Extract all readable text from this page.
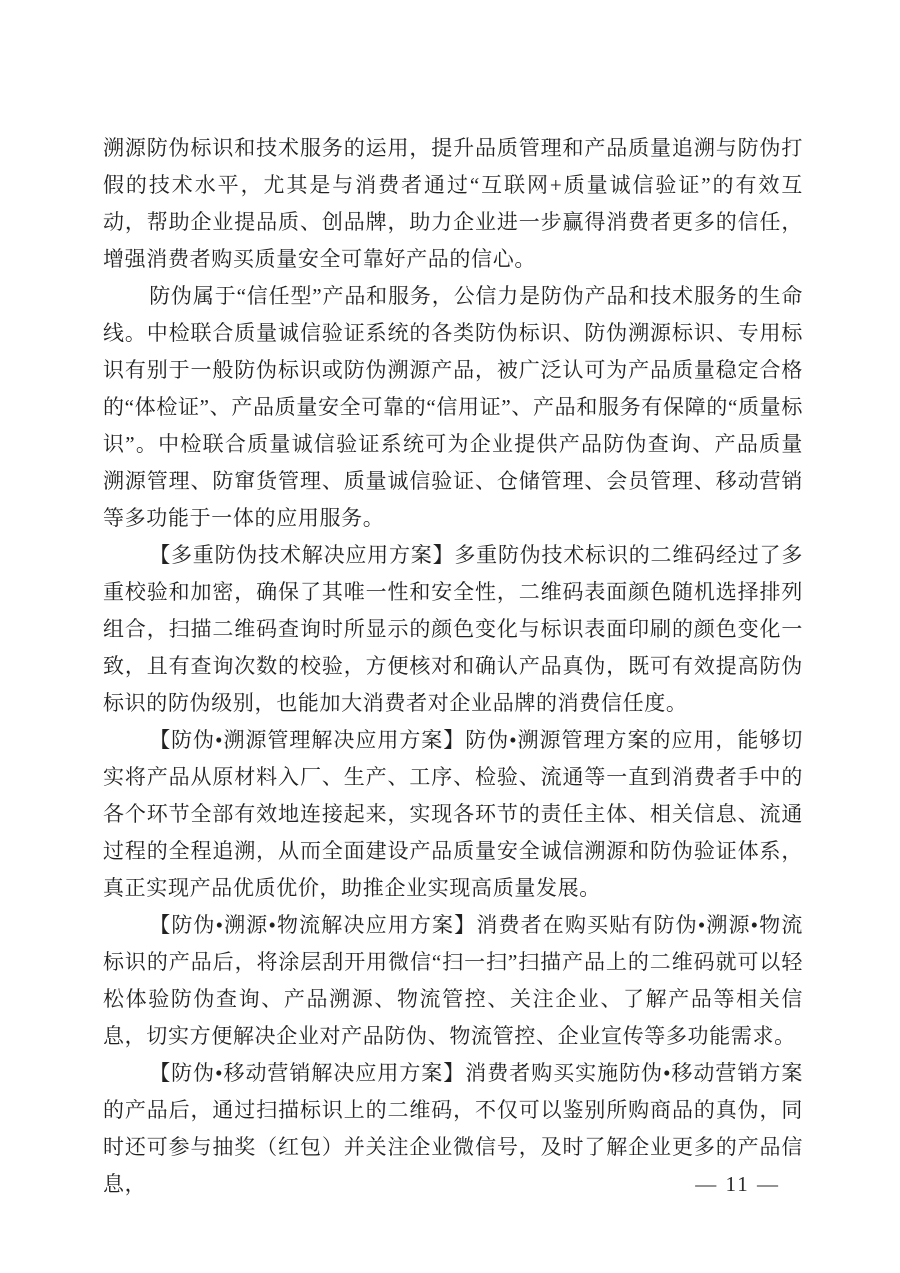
溯源防伪标识和技术服务的运用，提升品质管理和产品质量追溯与防伪打假的技术水平，尤其是与消费者通过“互联网+质量诚信验证”的有效互动，帮助企业提品质、创品牌，助力企业进一步赢得消费者更多的信任，增强消费者购买质量安全可靠好产品的信心。

防伪属于“信任型”产品和服务，公信力是防伪产品和技术服务的生命线。中检联合质量诚信验证系统的各类防伪标识、防伪溯源标识、专用标识有别于一般防伪标识或防伪溯源产品，被广泛认可为产品质量稳定合格的“体检证”、产品质量安全可靠的“信用证”、产品和服务有保障的“质量标识”。中检联合质量诚信验证系统可为企业提供产品防伪查询、产品质量溯源管理、防窜货管理、质量诚信验证、仓储管理、会员管理、移动营销等多功能于一体的应用服务。

【多重防伪技术解决应用方案】多重防伪技术标识的二维码经过了多重校验和加密，确保了其唯一性和安全性，二维码表面颜色随机选择排列组合，扫描二维码查询时所显示的颜色变化与标识表面印刷的颜色变化一致，且有查询次数的校验，方便核对和确认产品真伪，既可有效提高防伪标识的防伪级别，也能加大消费者对企业品牌的消费信任度。

【防伪•溯源管理解决应用方案】防伪•溯源管理方案的应用，能够切实将产品从原材料入厂、生产、工序、检验、流通等一直到消费者手中的各个环节全部有效地连接起来，实现各环节的责任主体、相关信息、流通过程的全程追溯，从而全面建设产品质量安全诚信溯源和防伪验证体系，真正实现产品优质优价，助推企业实现高质量发展。

【防伪•溯源•物流解决应用方案】消费者在购买贴有防伪•溯源•物流标识的产品后，将涂层刮开用微信“扫一扫”扫描产品上的二维码就可以轻松体验防伪查询、产品溯源、物流管控、关注企业、了解产品等相关信息，切实方便解决企业对产品防伪、物流管控、企业宣传等多功能需求。

【防伪•移动营销解决应用方案】消费者购买实施防伪•移动营销方案的产品后，通过扫描标识上的二维码，不仅可以鉴别所购商品的真伪，同时还可参与抽奖（红包）并关注企业微信号，及时了解企业更多的产品信息，	— 11 —
